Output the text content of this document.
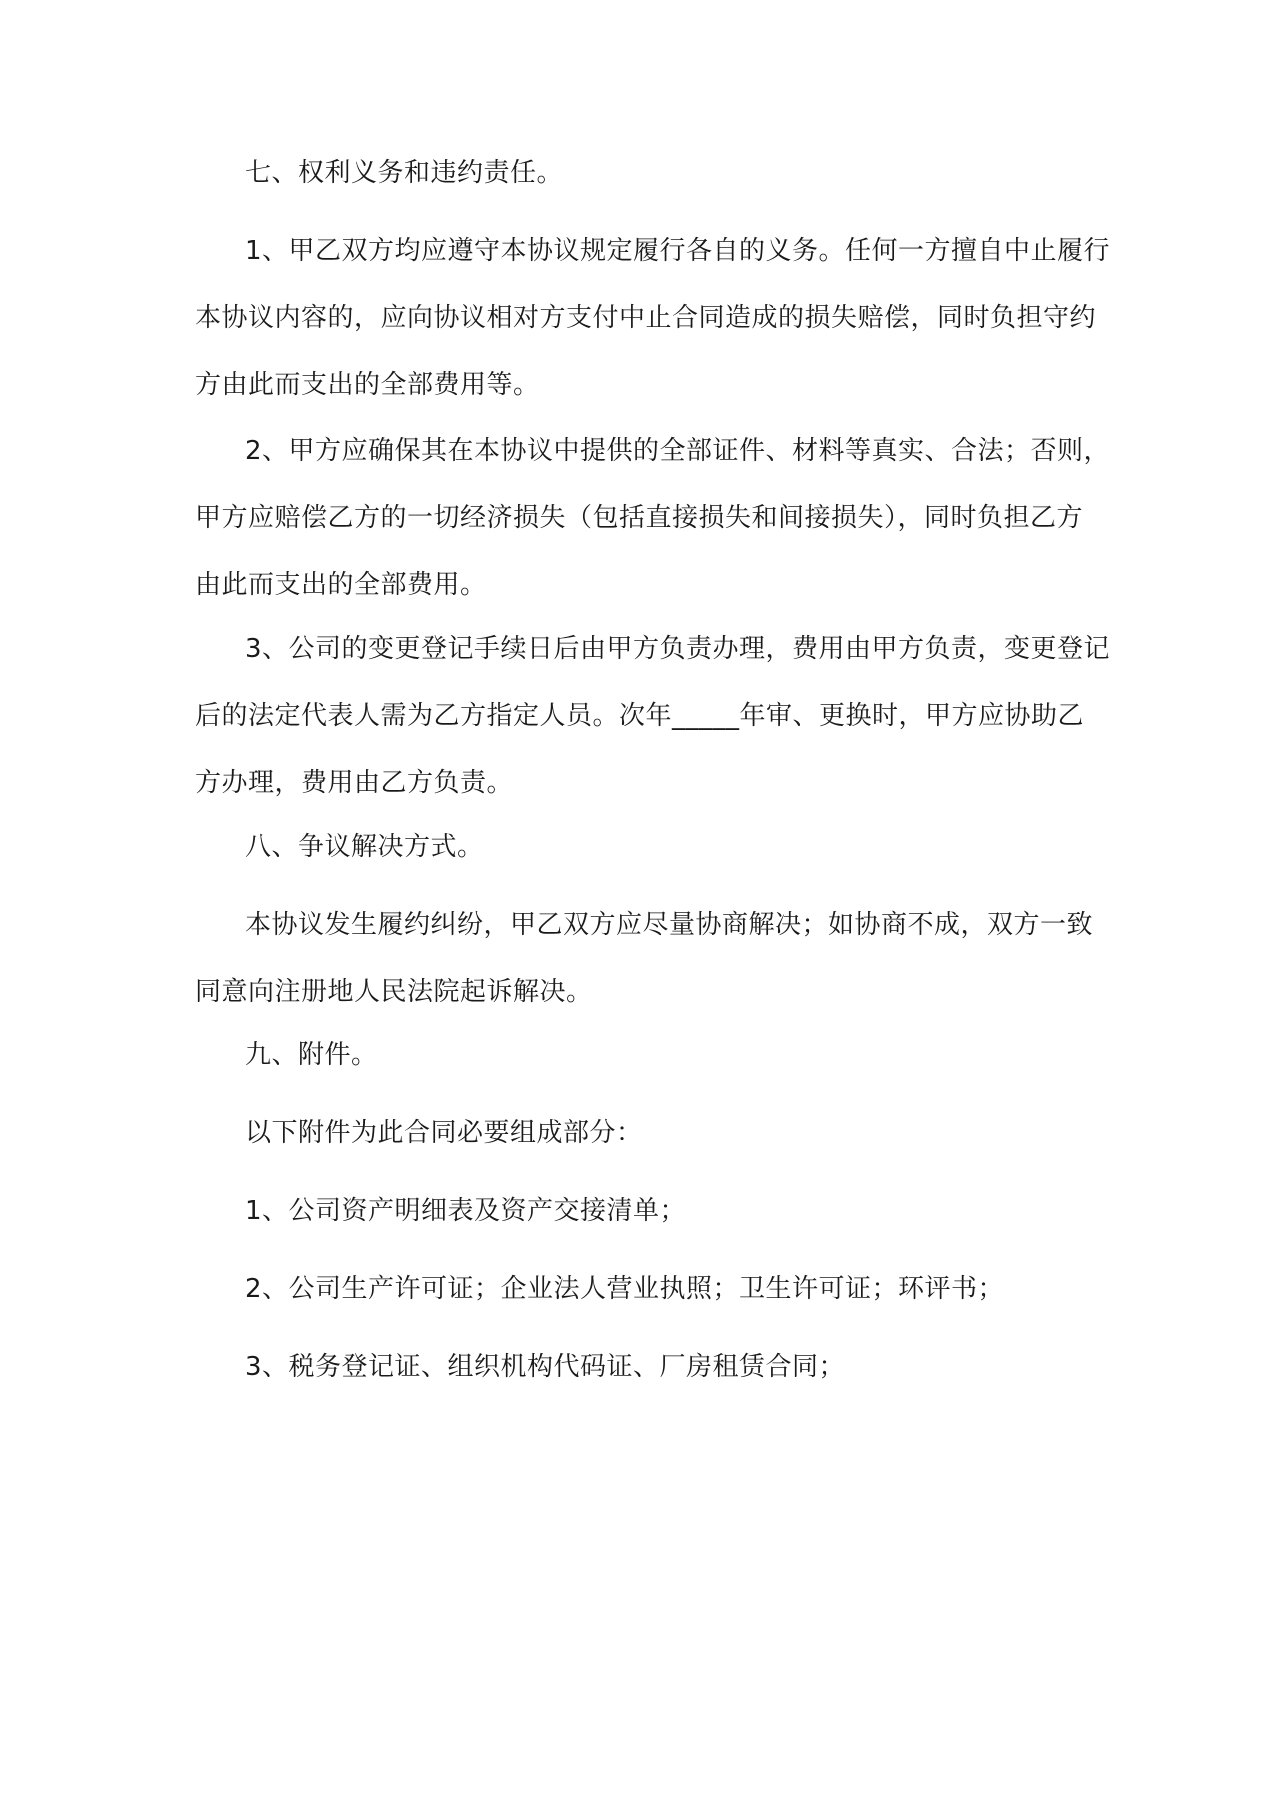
七、权利义务和违约责任。

1、甲乙双方均应遵守本协议规定履行各自的义务。任何一方擅自中止履行
本协议内容的，应向协议相对方支付中止合同造成的损失赔偿，同时负担守约
方由此而支出的全部费用等。

2、甲方应确保其在本协议中提供的全部证件、材料等真实、合法；否则，
甲方应赔偿乙方的一切经济损失（包括直接损失和间接损失），同时负担乙方
由此而支出的全部费用。

3、公司的变更登记手续日后由甲方负责办理，费用由甲方负责，变更登记
后的法定代表人需为乙方指定人员。次年_____年审、更换时，甲方应协助乙
方办理，费用由乙方负责。

八、争议解决方式。

本协议发生履约纠纷，甲乙双方应尽量协商解决；如协商不成，双方一致
同意向注册地人民法院起诉解决。

九、附件。

以下附件为此合同必要组成部分：

1、公司资产明细表及资产交接清单；

2、公司生产许可证；企业法人营业执照；卫生许可证；环评书；

3、税务登记证、组织机构代码证、厂房租赁合同；
